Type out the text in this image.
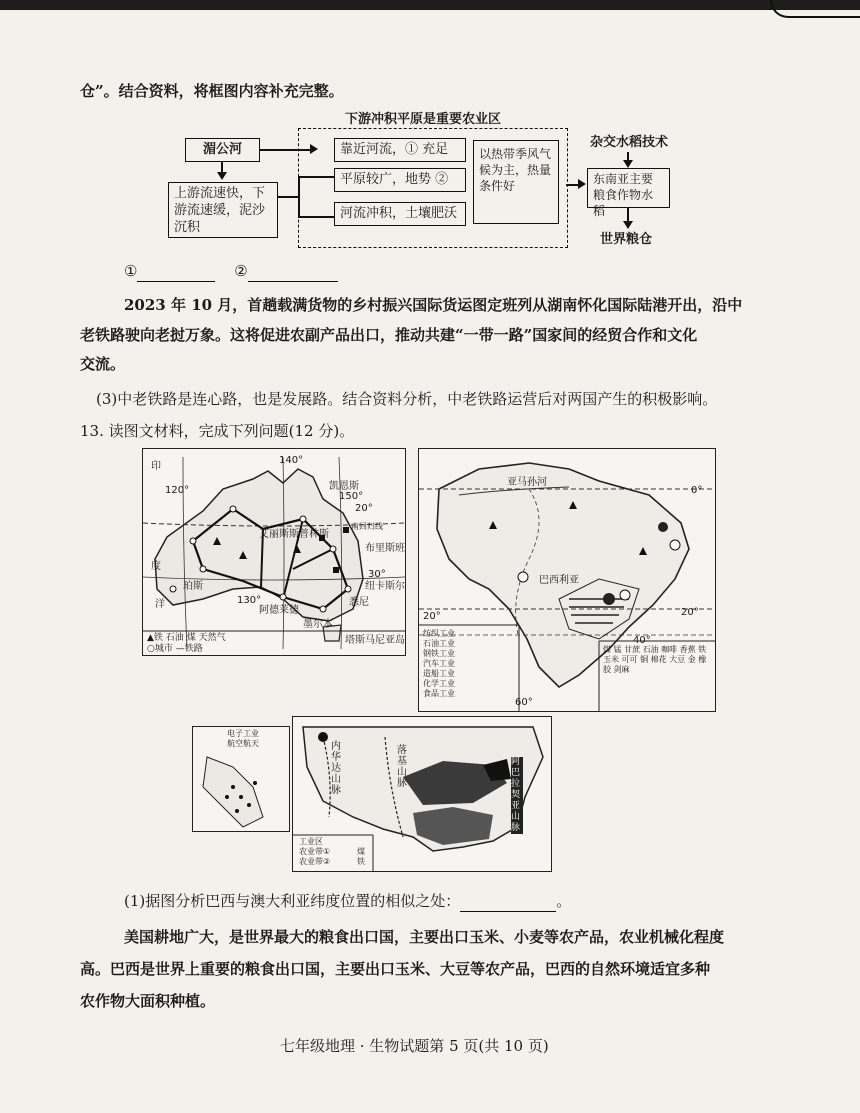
仓”。结合资料，将框图内容补充完整。
下游冲积平原是重要农业区
湄公河
上游流速快，下游流速缓，泥沙沉积
靠近河流，① 充足
平原较广，地势 ②
河流冲积，土壤肥沃
以热带季风气候为主，热量条件好
杂交水稻技术
东南亚主要粮食作物水稻
世界粮仓
①	②
2023 年 10 月，首趟载满货物的乡村振兴国际货运图定班列从湖南怀化国际陆港开出，沿中
老铁路驶向老挝万象。这将促进农副产品出口，推动共建“一带一路”国家间的经贸合作和文化
交流。
(3)中老铁路是连心路，也是发展路。结合资料分析，中老铁路运营后对两国产生的积极影响。
13. 读图文材料，完成下列问题(12 分)。
印
度
洋
珀斯
140°
120°
150°
130°
20°
30°
凯恩斯
南回归线
艾丽斯斯普林斯
布里斯班
纽卡斯尔
悉尼
阿德莱德
墨尔本
塔斯马尼亚岛
▲铁 石油 煤 天然气
○城市 —铁路
亚马孙河
0°
20°	20°
40°
60°
巴西利亚
纺织工业
石油工业
钢铁工业
汽车工业
造船工业
化学工业
食品工业
煤 锰 甘蔗 石油 咖啡 香蕉 铁 玉米 可可 铜 棉花 大豆 金 橡胶 剑麻
电子工业
航空航天	内华达山脉
落基山脉
阿巴拉契亚山脉
工业区
农业带①
农业带②
煤
铁
(1)据图分析巴西与澳大利亚纬度位置的相似之处：	。
美国耕地广大，是世界最大的粮食出口国，主要出口玉米、小麦等农产品，农业机械化程度
高。巴西是世界上重要的粮食出口国，主要出口玉米、大豆等农产品，巴西的自然环境适宜多种
农作物大面积种植。
七年级地理 · 生物试题第 5 页(共 10 页)
